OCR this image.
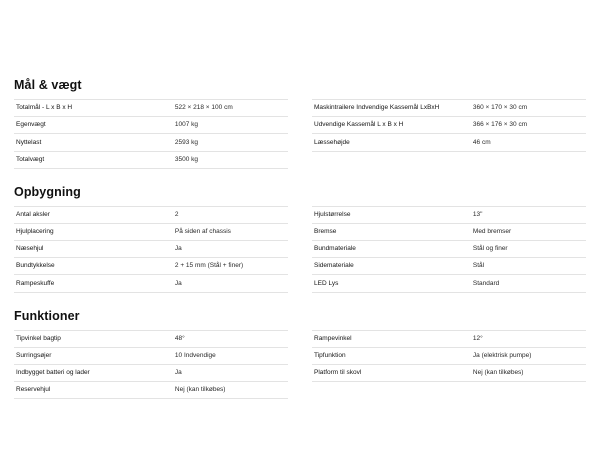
Mål & vægt
Totalmål - L x B x H	522 × 218 × 100 cm
Egenvægt	1007 kg
Nyttelast	2593 kg
Totalvægt	3500 kg
Maskintrailere Indvendige Kassemål LxBxH	360 × 170 × 30 cm
Udvendige Kassemål L x B x H	366 × 176 × 30 cm
Læssehøjde	46 cm
Opbygning
Antal aksler	2
Hjulplacering	På siden af chassis
Næsehjul	Ja
Bundtykkelse	2 + 15 mm (Stål + finer)
Rampeskuffe	Ja
Hjulstørrelse	13"
Bremse	Med bremser
Bundmateriale	Stål og finer
Sidemateriale	Stål
LED Lys	Standard
Funktioner
Tipvinkel bagtip	48°
Surringsøjer	10 Indvendige
Indbygget batteri og lader	Ja
Reservehjul	Nej (kan tilkøbes)
Rampevinkel	12°
Tipfunktion	Ja (elektrisk pumpe)
Platform til skovl	Nej (kan tilkøbes)
